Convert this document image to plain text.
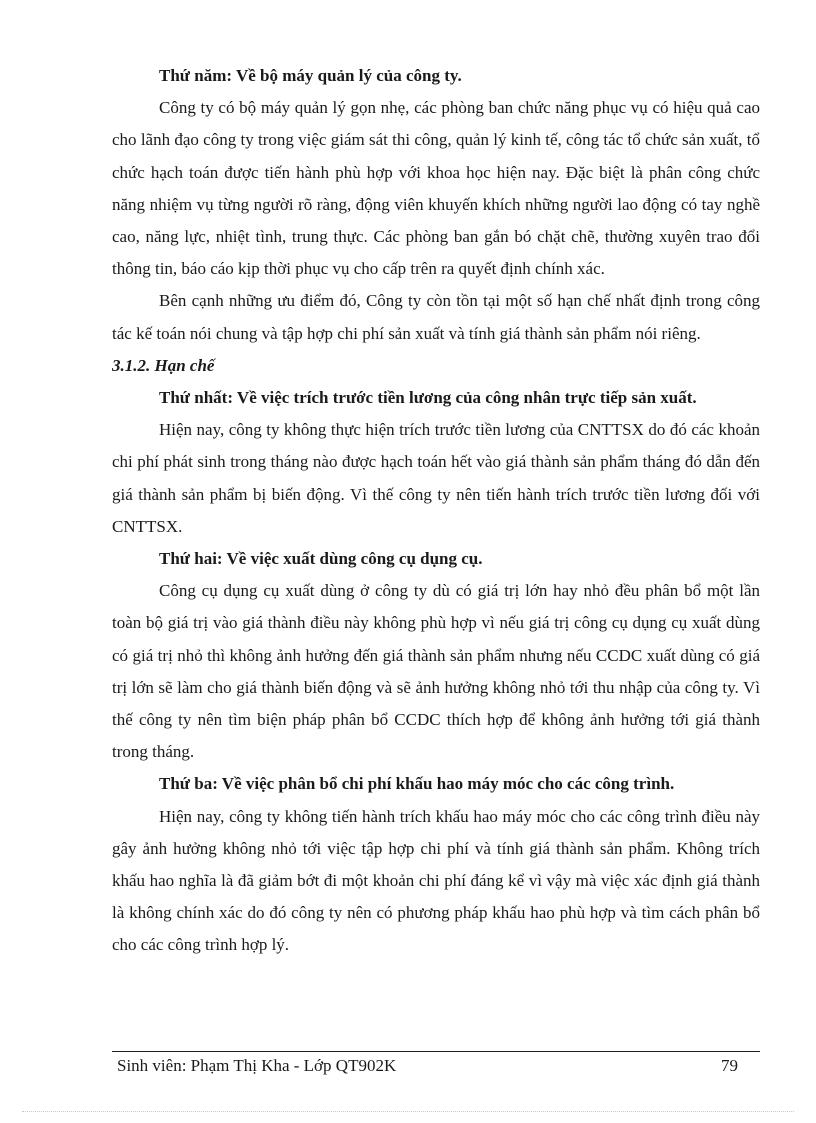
Thứ năm: Về bộ máy quản lý của công ty.

Công ty có bộ máy quản lý gọn nhẹ, các phòng ban chức năng phục vụ có hiệu quả cao cho lãnh đạo công ty trong việc giám sát thi công, quản lý kinh tế, công tác tổ chức sản xuất, tổ chức hạch toán được tiến hành phù hợp với khoa học hiện nay. Đặc biệt là phân công chức năng nhiệm vụ từng người rõ ràng, động viên khuyến khích những người lao động có tay nghề cao, năng lực, nhiệt tình, trung thực. Các phòng ban gắn bó chặt chẽ, thường xuyên trao đổi thông tin, báo cáo kịp thời phục vụ cho cấp trên ra quyết định chính xác.

Bên cạnh những ưu điểm đó, Công ty còn tồn tại một số hạn chế nhất định trong công tác kế toán nói chung và tập hợp chi phí sản xuất và tính giá thành sản phẩm nói riêng.

3.1.2. Hạn chế

Thứ nhất: Về việc trích trước tiền lương của công nhân trực tiếp sản xuất.

Hiện nay, công ty không thực hiện trích trước tiền lương của CNTTSX do đó các khoản chi phí phát sinh trong tháng nào được hạch toán hết vào giá thành sản phẩm tháng đó dẫn đến giá thành sản phẩm bị biến động. Vì thế công ty nên tiến hành trích trước tiền lương đối với CNTTSX.

Thứ hai: Về việc xuất dùng công cụ dụng cụ.

Công cụ dụng cụ xuất dùng ở công ty dù có giá trị lớn hay nhỏ đều phân bổ một lần toàn bộ giá trị vào giá thành điều này không phù hợp vì nếu giá trị công cụ dụng cụ xuất dùng có giá trị nhỏ thì không ảnh hưởng đến giá thành sản phẩm nhưng nếu CCDC xuất dùng có giá trị lớn sẽ làm cho giá thành biến động và sẽ ảnh hưởng không nhỏ tới thu nhập của công ty. Vì thế công ty nên tìm biện pháp phân bổ CCDC thích hợp để không ảnh hưởng tới giá thành trong tháng.

Thứ ba: Về việc phân bổ chi phí khấu hao máy móc cho các công trình.

Hiện nay, công ty không tiến hành trích khấu hao máy móc cho các công trình điều này gây ảnh hưởng không nhỏ tới việc tập hợp chi phí và tính giá thành sản phẩm. Không trích khấu hao nghĩa là đã giảm bớt đi một khoản chi phí đáng kể vì vậy mà việc xác định giá thành là không chính xác do đó công ty nên có phương pháp khấu hao phù hợp và tìm cách phân bổ cho các công trình hợp lý.

Sinh viên: Phạm Thị Kha - Lớp QT902K	79
